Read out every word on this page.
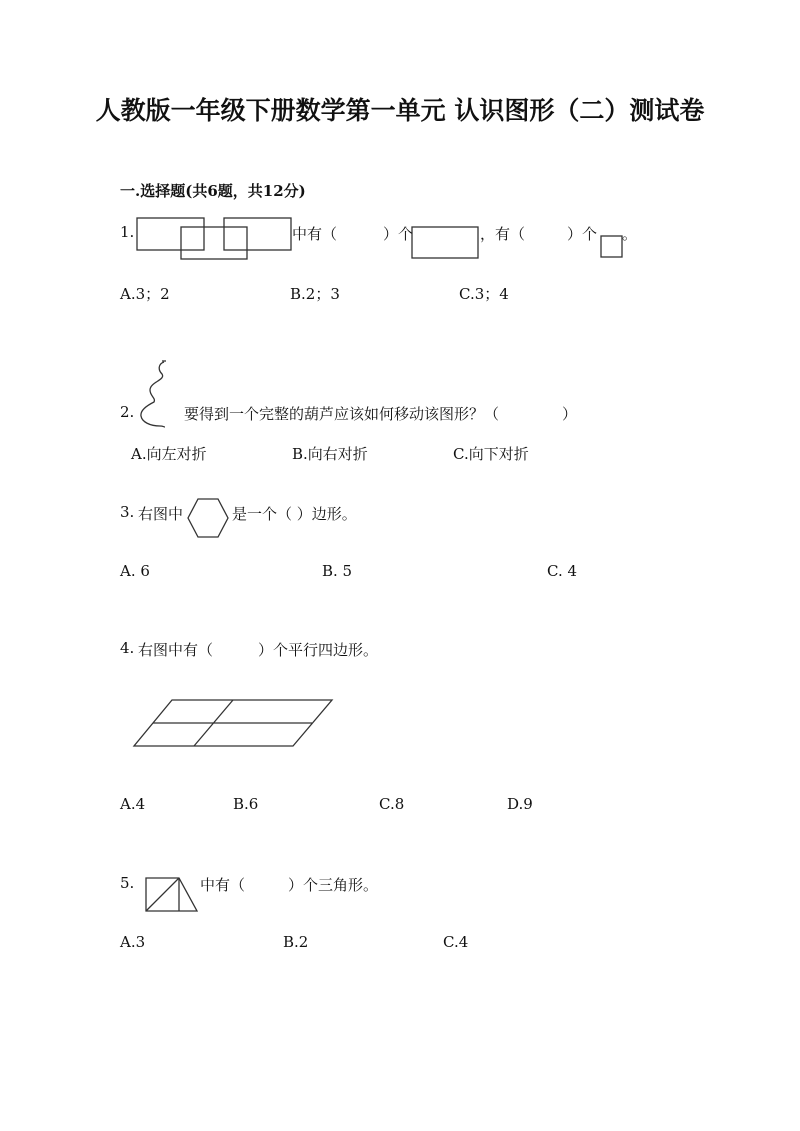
人教版一年级下册数学第一单元 认识图形（二）测试卷
一.选择题(共6题，共12分)
1.	中有（	）个	，有（	）个 。
A.3；2	B.2；3	C.3；4
2.	要得到一个完整的葫芦应该如何移动该图形？（	）
A.向左对折	B.向右对折	C.向下对折
3. 右图中	是一个（ ）边形。
A. 6	B. 5	C. 4
4. 右图中有（	）个平行四边形。
A.4	B.6	C.8	D.9
5.	中有（	）个三角形。
A.3	B.2	C.4
